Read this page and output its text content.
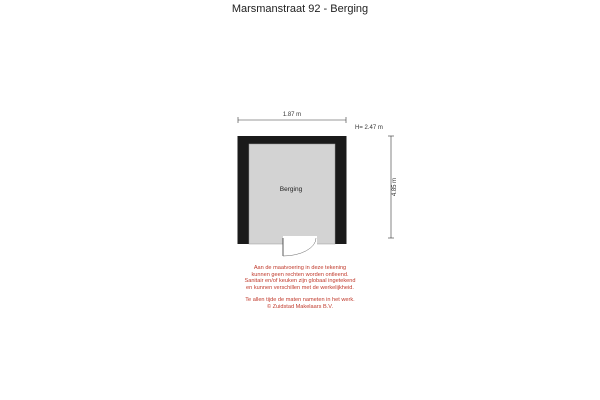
Marsmanstraat 92 - Berging
1.87 m
H= 2.47 m
4.85 m
Berging
Aan de maatvoering in deze tekening
kunnen geen rechten worden ontleend.
Sanitair en/of keuken zijn globaal ingetekend
en kunnen verschillen met de werkelijkheid.
Te allen tijde de maten nameten in het werk.
© Zuidstad Makelaars B.V.
